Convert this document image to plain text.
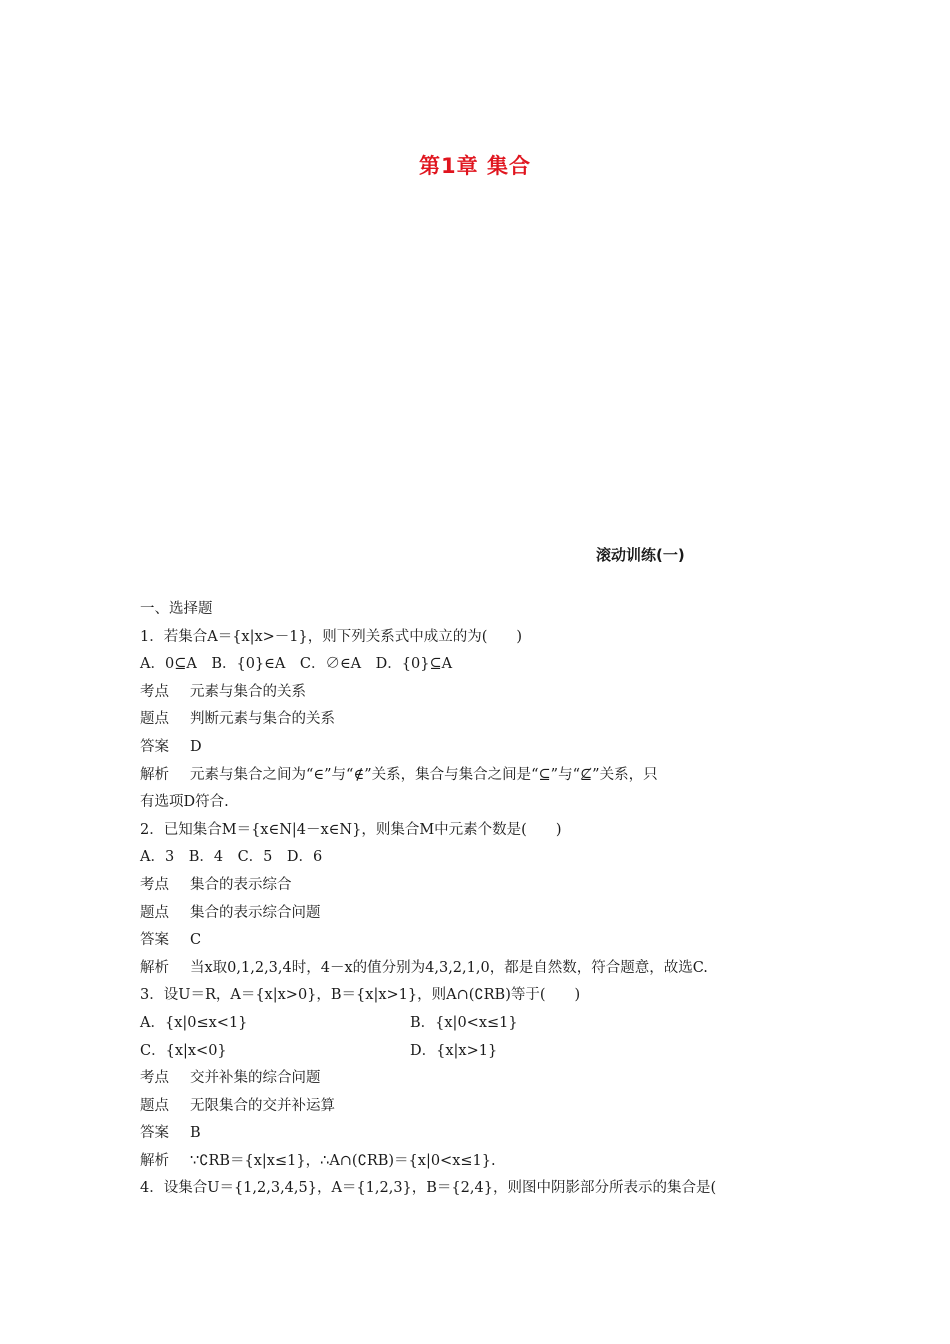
第1章 集合
滚动训练(一)
一、选择题
1．若集合A＝{x|x>－1}，则下列关系式中成立的为(　　)
A．0⊆A　B．{0}∈A　C．∅∈A　D．{0}⊆A
考点 元素与集合的关系
题点 判断元素与集合的关系
答案 D
解析 元素与集合之间为“∈”与“∉”关系，集合与集合之间是“⊆”与“⊈”关系，只
有选项D符合.
2．已知集合M＝{x∈N|4－x∈N}，则集合M中元素个数是(　　)
A．3　B．4　C．5　D．6
考点 集合的表示综合
题点 集合的表示综合问题
答案 C
解析 当x取0,1,2,3,4时，4－x的值分别为4,3,2,1,0，都是自然数，符合题意，故选C.
3．设U＝R，A＝{x|x>0}，B＝{x|x>1}，则A∩(∁RB)等于(　　)
A．{x|0≤x<1}	B．{x|0<x≤1}
C．{x|x<0}	D．{x|x>1}
考点 交并补集的综合问题
题点 无限集合的交并补运算
答案 B
解析 ∵∁RB＝{x|x≤1}，∴A∩(∁RB)＝{x|0<x≤1}.
4．设集合U＝{1,2,3,4,5}，A＝{1,2,3}，B＝{2,4}，则图中阴影部分所表示的集合是(
